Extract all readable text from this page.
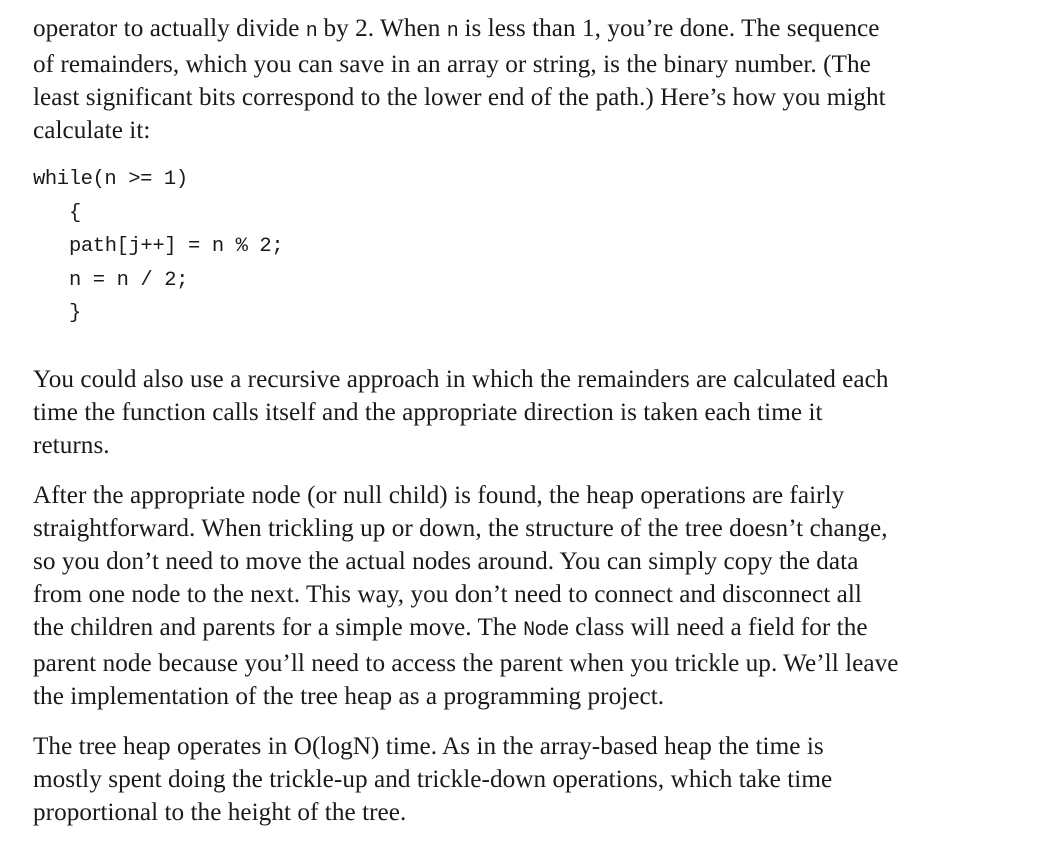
operator to actually divide n by 2. When n is less than 1, you’re done. The sequence
of remainders, which you can save in an array or string, is the binary number. (The
least significant bits correspond to the lower end of the path.) Here’s how you might
calculate it:

while(n >= 1)
{
path[j++] = n % 2;
n = n / 2;
}

You could also use a recursive approach in which the remainders are calculated each
time the function calls itself and the appropriate direction is taken each time it
returns.

After the appropriate node (or null child) is found, the heap operations are fairly
straightforward. When trickling up or down, the structure of the tree doesn’t change,
so you don’t need to move the actual nodes around. You can simply copy the data
from one node to the next. This way, you don’t need to connect and disconnect all
the children and parents for a simple move. The Node class will need a field for the
parent node because you’ll need to access the parent when you trickle up. We’ll leave
the implementation of the tree heap as a programming project.

The tree heap operates in O(logN) time. As in the array-based heap the time is
mostly spent doing the trickle-up and trickle-down operations, which take time
proportional to the height of the tree.
